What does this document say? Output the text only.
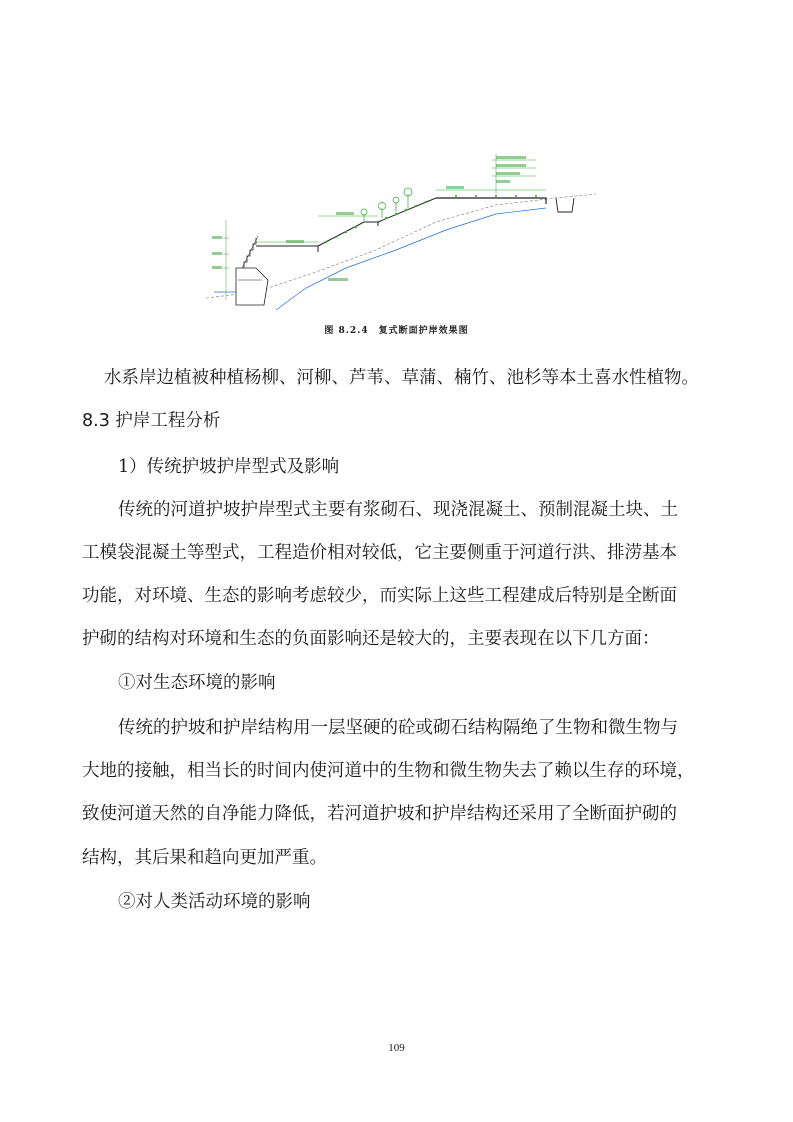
图 8.2.4　复式断面护岸效果图
水系岸边植被种植杨柳、河柳、芦苇、草蒲、楠竹、池杉等本土喜水性植物。
8.3 护岸工程分析
1）传统护坡护岸型式及影响
传统的河道护坡护岸型式主要有浆砌石、现浇混凝土、预制混凝土块、土
工模袋混凝土等型式，工程造价相对较低，它主要侧重于河道行洪、排涝基本
功能，对环境、生态的影响考虑较少，而实际上这些工程建成后特别是全断面
护砌的结构对环境和生态的负面影响还是较大的，主要表现在以下几方面：
①对生态环境的影响
传统的护坡和护岸结构用一层坚硬的砼或砌石结构隔绝了生物和微生物与
大地的接触，相当长的时间内使河道中的生物和微生物失去了赖以生存的环境，
致使河道天然的自净能力降低，若河道护坡和护岸结构还采用了全断面护砌的
结构，其后果和趋向更加严重。
②对人类活动环境的影响
109
